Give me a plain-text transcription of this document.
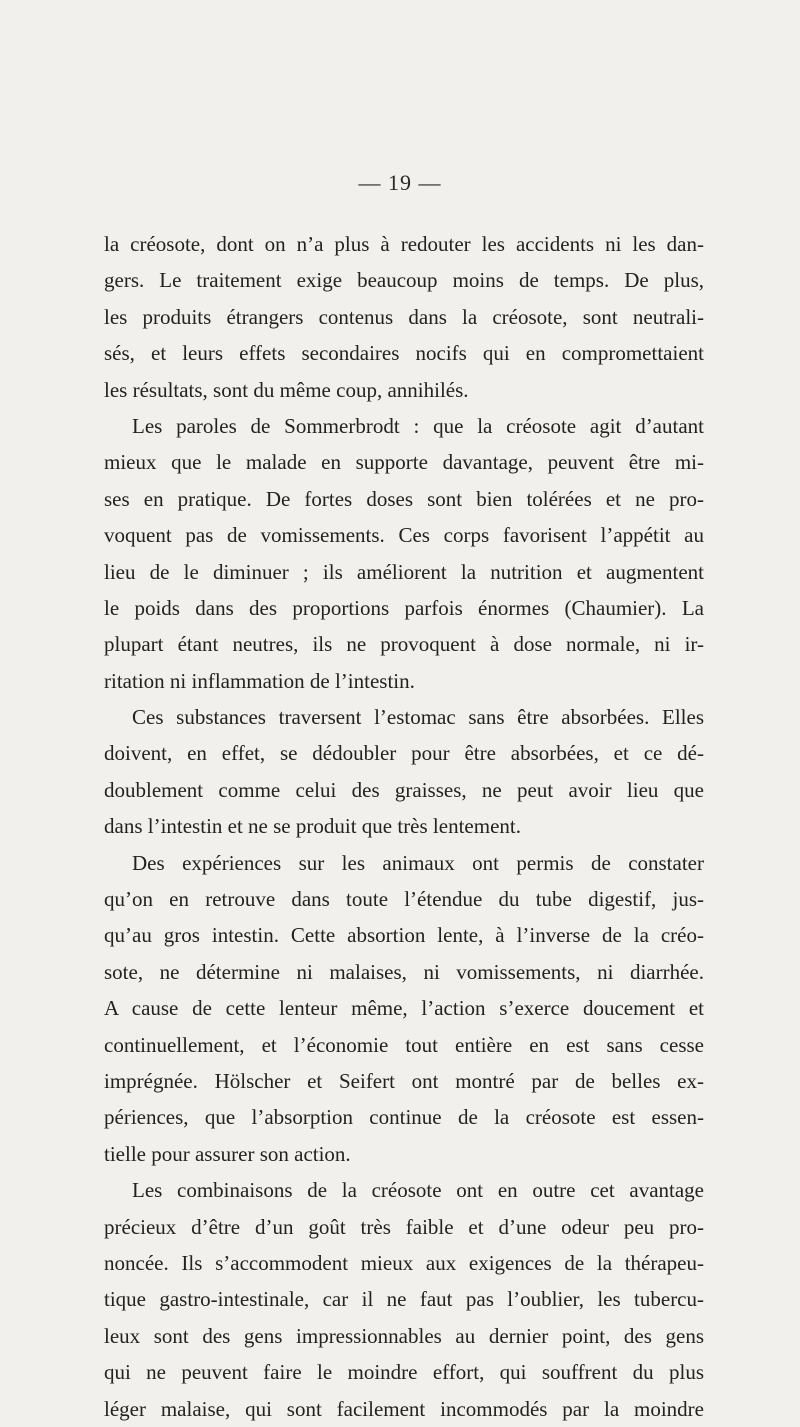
— 19 —
la créosote, dont on n’a plus à redouter les accidents ni les dan-
gers. Le traitement exige beaucoup moins de temps. De plus,
les produits étrangers contenus dans la créosote, sont neutrali-
sés, et leurs effets secondaires nocifs qui en compromettaient
les résultats, sont du même coup, annihilés.
Les paroles de Sommerbrodt : que la créosote agit d’autant
mieux que le malade en supporte davantage, peuvent être mi-
ses en pratique. De fortes doses sont bien tolérées et ne pro-
voquent pas de vomissements. Ces corps favorisent l’appétit au
lieu de le diminuer ; ils améliorent la nutrition et augmentent
le poids dans des proportions parfois énormes (Chaumier). La
plupart étant neutres, ils ne provoquent à dose normale, ni ir-
ritation ni inflammation de l’intestin.
Ces substances traversent l’estomac sans être absorbées. Elles
doivent, en effet, se dédoubler pour être absorbées, et ce dé-
doublement comme celui des graisses, ne peut avoir lieu que
dans l’intestin et ne se produit que très lentement.
Des expériences sur les animaux ont permis de constater
qu’on en retrouve dans toute l’étendue du tube digestif, jus-
qu’au gros intestin. Cette absortion lente, à l’inverse de la créo-
sote, ne détermine ni malaises, ni vomissements, ni diarrhée.
A cause de cette lenteur même, l’action s’exerce doucement et
continuellement, et l’économie tout entière en est sans cesse
imprégnée. Hölscher et Seifert ont montré par de belles ex-
périences, que l’absorption continue de la créosote est essen-
tielle pour assurer son action.
Les combinaisons de la créosote ont en outre cet avantage
précieux d’être d’un goût très faible et d’une odeur peu pro-
noncée. Ils s’accommodent mieux aux exigences de la thérapeu-
tique gastro-intestinale, car il ne faut pas l’oublier, les tubercu-
leux sont des gens impressionnables au dernier point, des gens
qui ne peuvent faire le moindre effort, qui souffrent du plus
léger malaise, qui sont facilement incommodés par la moindre
